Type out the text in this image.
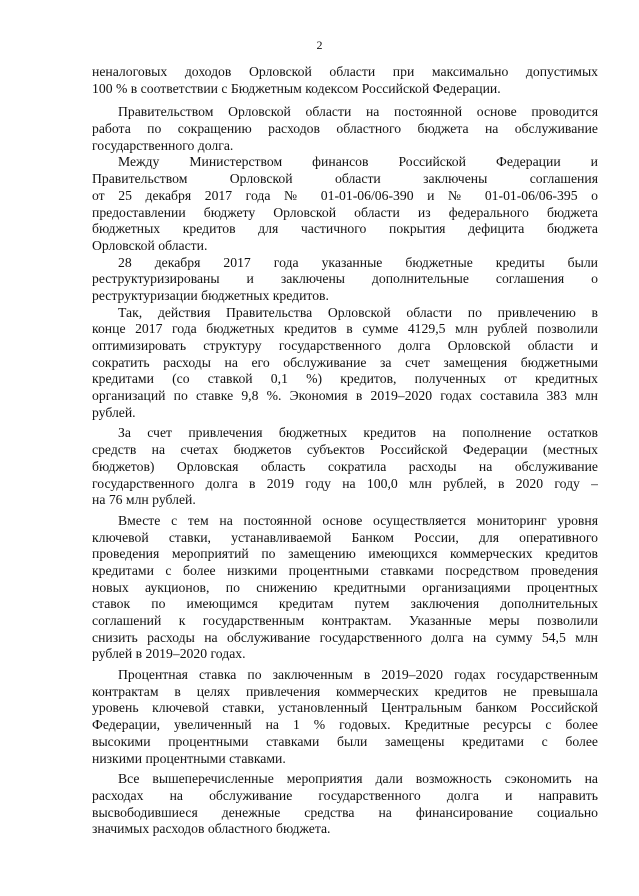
2
неналоговых доходов Орловской области при максимально допустимых
100 % в соответствии с Бюджетным кодексом Российской Федерации.
Правительством Орловской области на постоянной основе проводится
работа по сокращению расходов областного бюджета на обслуживание
государственного долга.
Между Министерством финансов Российской Федерации и
Правительством Орловской области заключены соглашения
от 25 декабря 2017 года № 01-01-06/06-390 и № 01-01-06/06-395 о
предоставлении бюджету Орловской области из федерального бюджета
бюджетных кредитов для частичного покрытия дефицита бюджета
Орловской области.
28 декабря 2017 года указанные бюджетные кредиты были
реструктуризированы и заключены дополнительные соглашения о
реструктуризации бюджетных кредитов.
Так, действия Правительства Орловской области по привлечению в
конце 2017 года бюджетных кредитов в сумме 4129,5 млн рублей позволили
оптимизировать структуру государственного долга Орловской области и
сократить расходы на его обслуживание за счет замещения бюджетными
кредитами (со ставкой 0,1 %) кредитов, полученных от кредитных
организаций по ставке 9,8 %. Экономия в 2019–2020 годах составила 383 млн
рублей.
За счет привлечения бюджетных кредитов на пополнение остатков
средств на счетах бюджетов субъектов Российской Федерации (местных
бюджетов) Орловская область сократила расходы на обслуживание
государственного долга в 2019 году на 100,0 млн рублей, в 2020 году –
на 76 млн рублей.
Вместе с тем на постоянной основе осуществляется мониторинг уровня
ключевой ставки, устанавливаемой Банком России, для оперативного
проведения мероприятий по замещению имеющихся коммерческих кредитов
кредитами с более низкими процентными ставками посредством проведения
новых аукционов, по снижению кредитными организациями процентных
ставок по имеющимся кредитам путем заключения дополнительных
соглашений к государственным контрактам. Указанные меры позволили
снизить расходы на обслуживание государственного долга на сумму 54,5 млн
рублей в 2019–2020 годах.
Процентная ставка по заключенным в 2019–2020 годах государственным
контрактам в целях привлечения коммерческих кредитов не превышала
уровень ключевой ставки, установленный Центральным банком Российской
Федерации, увеличенный на 1 % годовых. Кредитные ресурсы с более
высокими процентными ставками были замещены кредитами с более
низкими процентными ставками.
Все вышеперечисленные мероприятия дали возможность сэкономить на
расходах на обслуживание государственного долга и направить
высвободившиеся денежные средства на финансирование социально
значимых расходов областного бюджета.
